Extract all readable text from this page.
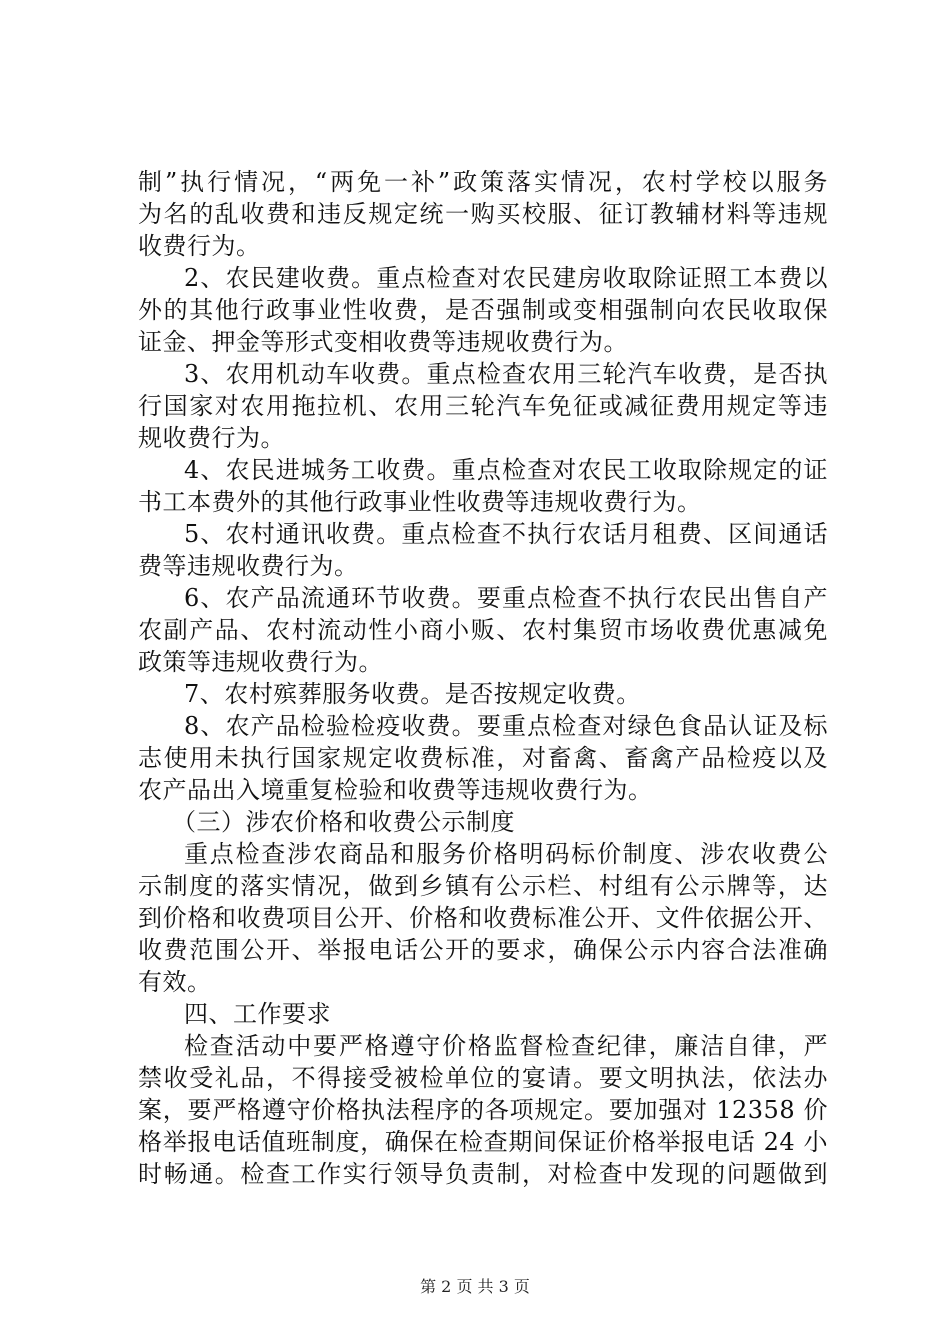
制”执行情况，“两免一补”政策落实情况，农村学校以服务
为名的乱收费和违反规定统一购买校服、征订教辅材料等违规
收费行为。
2、农民建收费。重点检查对农民建房收取除证照工本费以
外的其他行政事业性收费，是否强制或变相强制向农民收取保
证金、押金等形式变相收费等违规收费行为。
3、农用机动车收费。重点检查农用三轮汽车收费，是否执
行国家对农用拖拉机、农用三轮汽车免征或减征费用规定等违
规收费行为。
4、农民进城务工收费。重点检查对农民工收取除规定的证
书工本费外的其他行政事业性收费等违规收费行为。
5、农村通讯收费。重点检查不执行农话月租费、区间通话
费等违规收费行为。
6、农产品流通环节收费。要重点检查不执行农民出售自产
农副产品、农村流动性小商小贩、农村集贸市场收费优惠减免
政策等违规收费行为。
7、农村殡葬服务收费。是否按规定收费。
8、农产品检验检疫收费。要重点检查对绿色食品认证及标
志使用未执行国家规定收费标准，对畜禽、畜禽产品检疫以及
农产品出入境重复检验和收费等违规收费行为。
（三）涉农价格和收费公示制度
重点检查涉农商品和服务价格明码标价制度、涉农收费公
示制度的落实情况，做到乡镇有公示栏、村组有公示牌等，达
到价格和收费项目公开、价格和收费标准公开、文件依据公开、
收费范围公开、举报电话公开的要求，确保公示内容合法准确
有效。
四、工作要求
检查活动中要严格遵守价格监督检查纪律，廉洁自律，严
禁收受礼品，不得接受被检单位的宴请。要文明执法，依法办
案，要严格遵守价格执法程序的各项规定。要加强对 12358 价
格举报电话值班制度，确保在检查期间保证价格举报电话 24 小
时畅通。检查工作实行领导负责制，对检查中发现的问题做到
第 2 页 共 3 页
